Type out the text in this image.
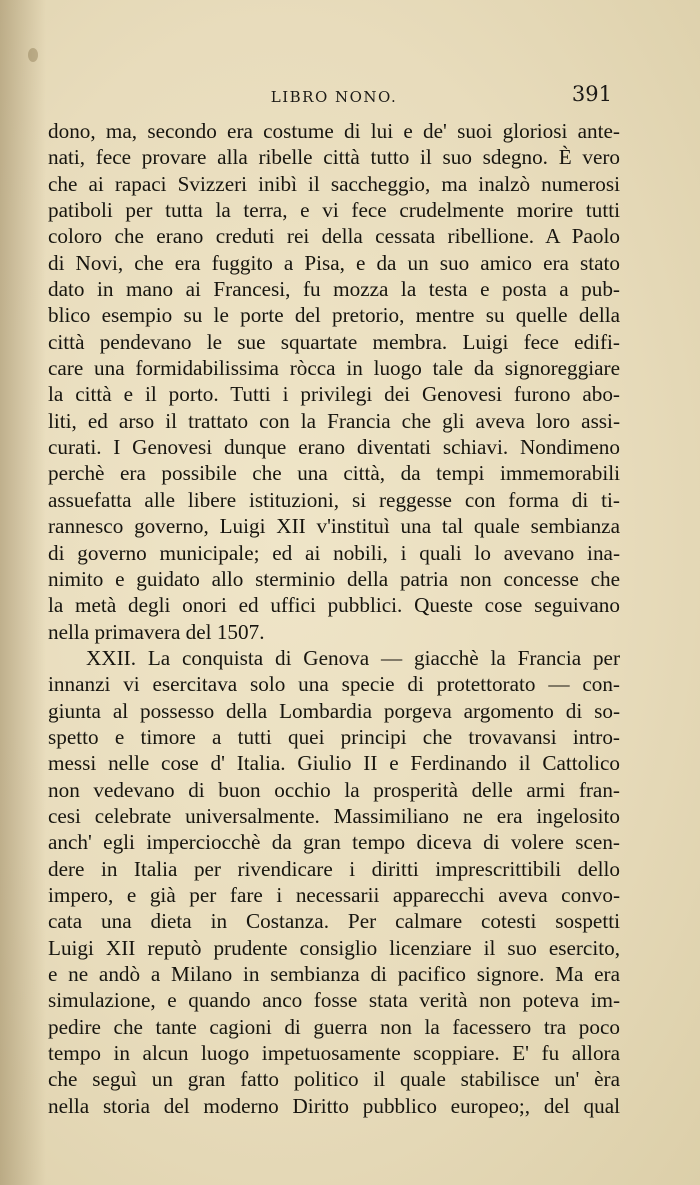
LIBRO NONO.	391
dono, ma, secondo era costume di lui e de' suoi gloriosi ante-
nati, fece provare alla ribelle città tutto il suo sdegno. È vero
che ai rapaci Svizzeri inibì il saccheggio, ma inalzò numerosi
patiboli per tutta la terra, e vi fece crudelmente morire tutti
coloro che erano creduti rei della cessata ribellione. A Paolo
di Novi, che era fuggito a Pisa, e da un suo amico era stato
dato in mano ai Francesi, fu mozza la testa e posta a pub-
blico esempio su le porte del pretorio, mentre su quelle della
città pendevano le sue squartate membra. Luigi fece edifi-
care una formidabilissima ròcca in luogo tale da signoreggiare
la città e il porto. Tutti i privilegi dei Genovesi furono abo-
liti, ed arso il trattato con la Francia che gli aveva loro assi-
curati. I Genovesi dunque erano diventati schiavi. Nondimeno
perchè era possibile che una città, da tempi immemorabili
assuefatta alle libere istituzioni, si reggesse con forma di ti-
rannesco governo, Luigi XII v'instituì una tal quale sembianza
di governo municipale; ed ai nobili, i quali lo avevano ina-
nimito e guidato allo sterminio della patria non concesse che
la metà degli onori ed uffici pubblici. Queste cose seguivano
nella primavera del 1507.
XXII. La conquista di Genova — giacchè la Francia per
innanzi vi esercitava solo una specie di protettorato — con-
giunta al possesso della Lombardia porgeva argomento di so-
spetto e timore a tutti quei principi che trovavansi intro-
messi nelle cose d' Italia. Giulio II e Ferdinando il Cattolico
non vedevano di buon occhio la prosperità delle armi fran-
cesi celebrate universalmente. Massimiliano ne era ingelosito
anch' egli imperciocchè da gran tempo diceva di volere scen-
dere in Italia per rivendicare i diritti imprescrittibili dello
impero, e già per fare i necessarii apparecchi aveva convo-
cata una dieta in Costanza. Per calmare cotesti sospetti
Luigi XII reputò prudente consiglio licenziare il suo esercito,
e ne andò a Milano in sembianza di pacifico signore. Ma era
simulazione, e quando anco fosse stata verità non poteva im-
pedire che tante cagioni di guerra non la facessero tra poco
tempo in alcun luogo impetuosamente scoppiare. E' fu allora
che seguì un gran fatto politico il quale stabilisce un' èra
nella storia del moderno Diritto pubblico europeo;, del qual
